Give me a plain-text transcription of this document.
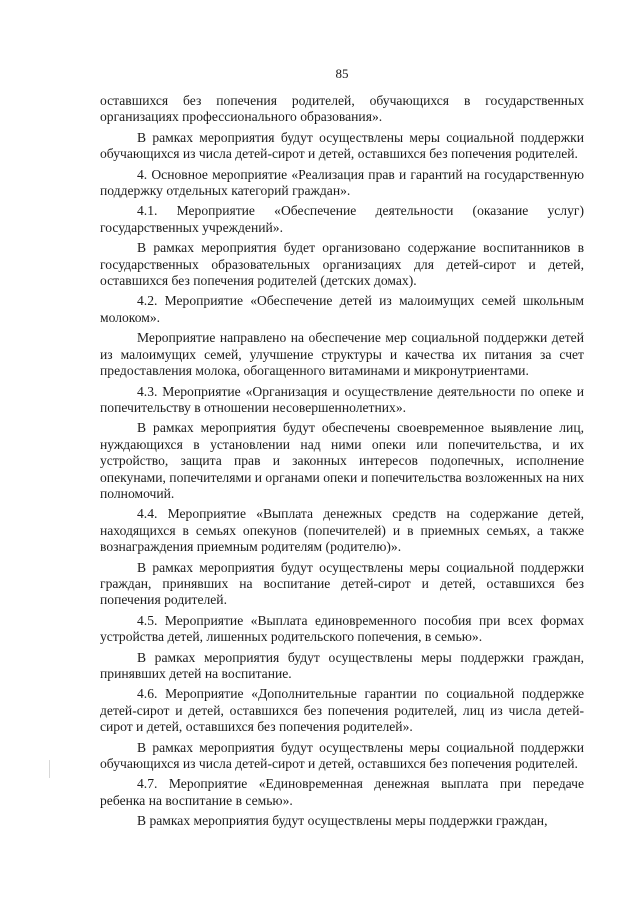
85

оставшихся без попечения родителей, обучающихся в государственных организациях профессионального образования».

В рамках мероприятия будут осуществлены меры социальной поддержки обучающихся из числа детей-сирот и детей, оставшихся без попечения родителей.

4. Основное мероприятие «Реализация прав и гарантий на государственную поддержку отдельных категорий граждан».

4.1. Мероприятие «Обеспечение деятельности (оказание услуг) государственных учреждений».

В рамках мероприятия будет организовано содержание воспитанников в государственных образовательных организациях для детей-сирот и детей, оставшихся без попечения родителей (детских домах).

4.2. Мероприятие «Обеспечение детей из малоимущих семей школьным молоком».

Мероприятие направлено на обеспечение мер социальной поддержки детей из малоимущих семей, улучшение структуры и качества их питания за счет предоставления молока, обогащенного витаминами и микронутриентами.

4.3. Мероприятие «Организация и осуществление деятельности по опеке и попечительству в отношении несовершеннолетних».

В рамках мероприятия будут обеспечены своевременное выявление лиц, нуждающихся в установлении над ними опеки или попечительства, и их устройство, защита прав и законных интересов подопечных, исполнение опекунами, попечителями и органами опеки и попечительства возложенных на них полномочий.

4.4. Мероприятие «Выплата денежных средств на содержание детей, находящихся в семьях опекунов (попечителей) и в приемных семьях, а также вознаграждения приемным родителям (родителю)».

В рамках мероприятия будут осуществлены меры социальной поддержки граждан, принявших на воспитание детей-сирот и детей, оставшихся без попечения родителей.

4.5. Мероприятие «Выплата единовременного пособия при всех формах устройства детей, лишенных родительского попечения, в семью».

В рамках мероприятия будут осуществлены меры поддержки граждан, принявших детей на воспитание.

4.6. Мероприятие «Дополнительные гарантии по социальной поддержке детей-сирот и детей, оставшихся без попечения родителей, лиц из числа детей-сирот и детей, оставшихся без попечения родителей».

В рамках мероприятия будут осуществлены меры социальной поддержки обучающихся из числа детей-сирот и детей, оставшихся без попечения родителей.

4.7. Мероприятие «Единовременная денежная выплата при передаче ребенка на воспитание в семью».

В рамках мероприятия будут осуществлены меры поддержки граждан,
